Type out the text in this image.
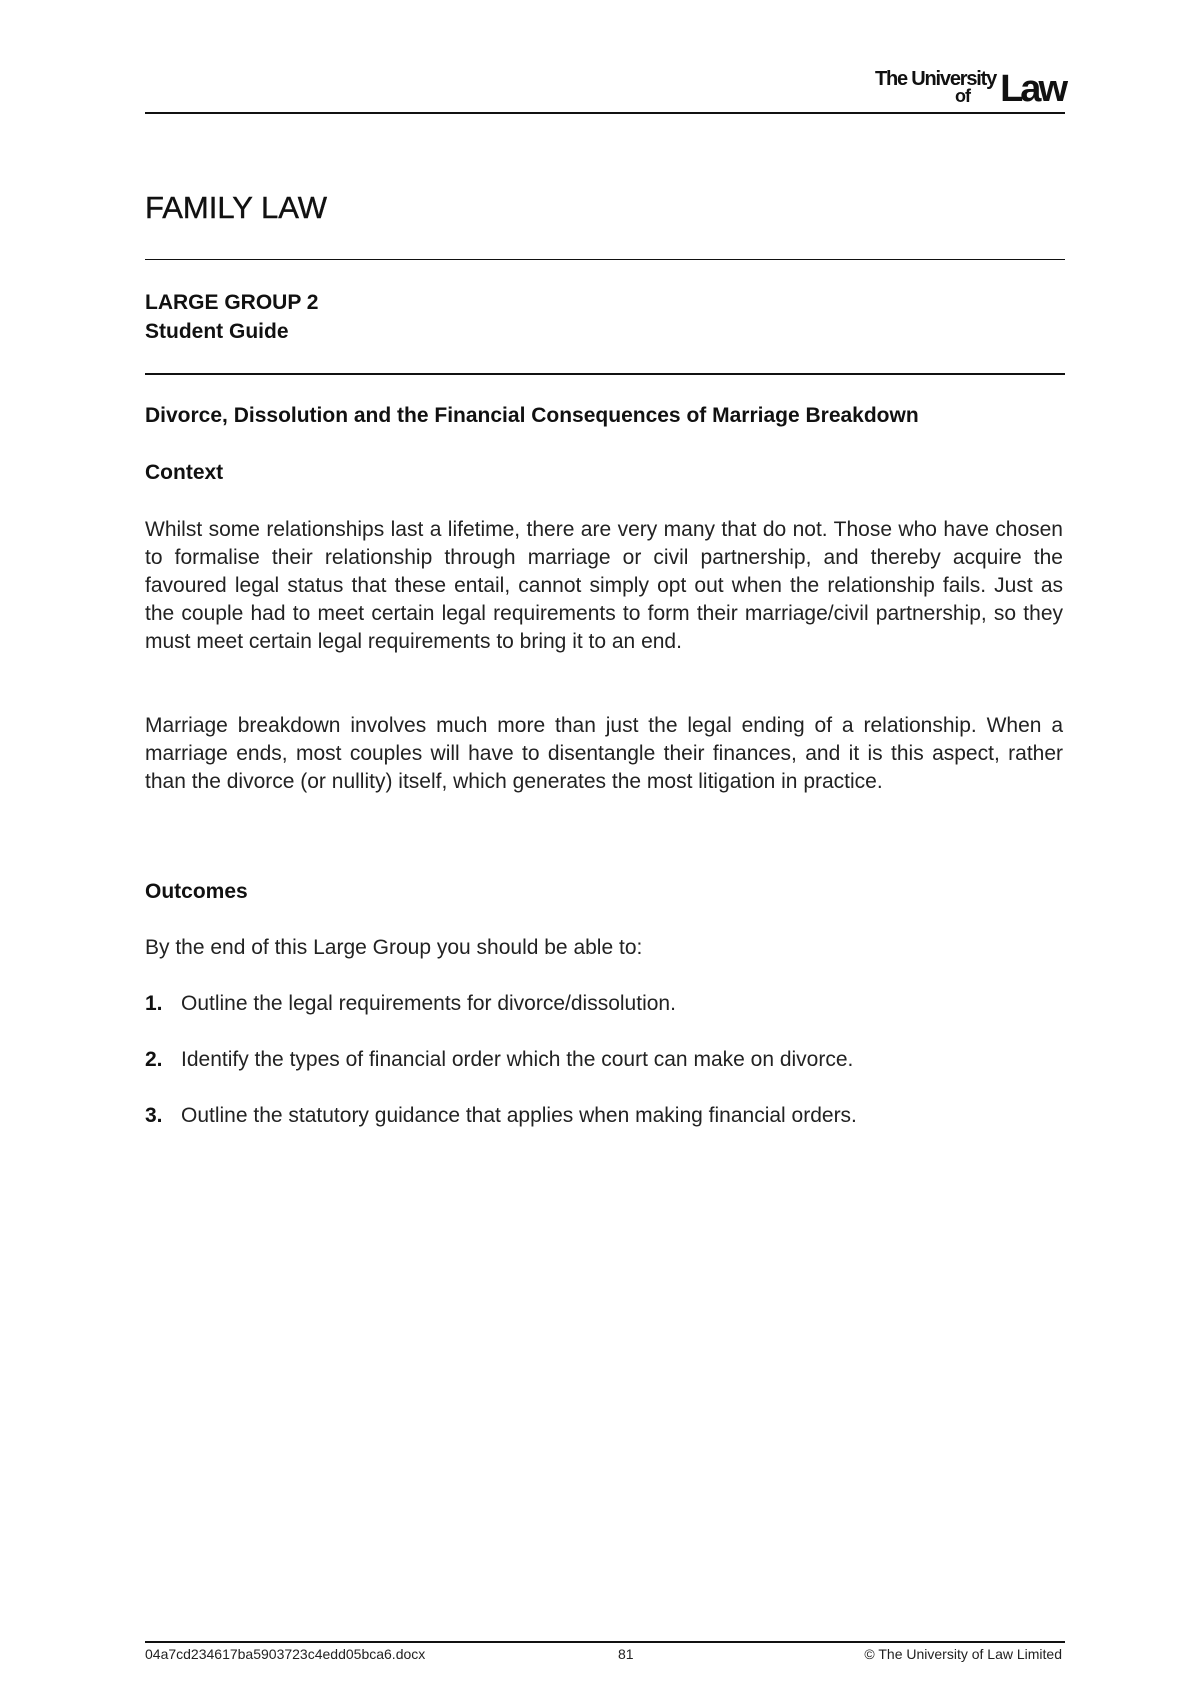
The University
of Law
FAMILY LAW
LARGE GROUP 2
Student Guide
Divorce, Dissolution and the Financial Consequences of Marriage Breakdown
Context
Whilst some relationships last a lifetime, there are very many that do not. Those who have chosen to formalise their relationship through marriage or civil partnership, and thereby acquire the favoured legal status that these entail, cannot simply opt out when the relationship fails. Just as the couple had to meet certain legal requirements to form their marriage/civil partnership, so they must meet certain legal requirements to bring it to an end.
Marriage breakdown involves much more than just the legal ending of a relationship. When a marriage ends, most couples will have to disentangle their finances, and it is this aspect, rather than the divorce (or nullity) itself, which generates the most litigation in practice.
Outcomes
By the end of this Large Group you should be able to:
1. Outline the legal requirements for divorce/dissolution.
2. Identify the types of financial order which the court can make on divorce.
3. Outline the statutory guidance that applies when making financial orders.
04a7cd234617ba5903723c4edd05bca6.docx	81	© The University of Law Limited
